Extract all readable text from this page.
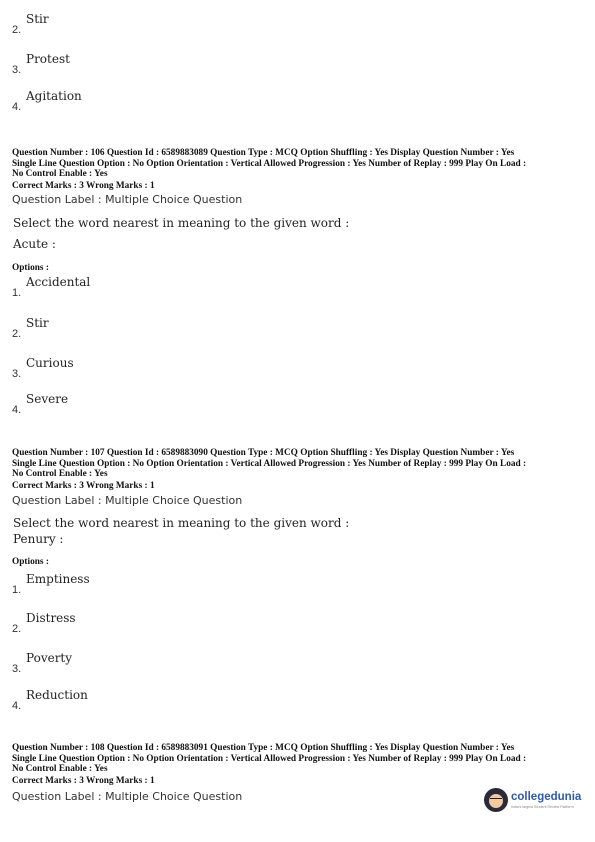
2.
Stir
3.
Protest
4.
Agitation
Question Number : 106 Question Id : 6589883089 Question Type : MCQ Option Shuffling : Yes Display Question Number : Yes
Single Line Question Option : No Option Orientation : Vertical Allowed Progression : Yes Number of Replay : 999 Play On Load :
No Control Enable : Yes
Correct Marks : 3 Wrong Marks : 1
Question Label : Multiple Choice Question
Select the word nearest in meaning to the given word :
Acute :
Options :
1.
Accidental
2.
Stir
3.
Curious
4.
Severe
Question Number : 107 Question Id : 6589883090 Question Type : MCQ Option Shuffling : Yes Display Question Number : Yes
Single Line Question Option : No Option Orientation : Vertical Allowed Progression : Yes Number of Replay : 999 Play On Load :
No Control Enable : Yes
Correct Marks : 3 Wrong Marks : 1
Question Label : Multiple Choice Question
Select the word nearest in meaning to the given word :
Penury :
Options :
1.
Emptiness
2.
Distress
3.
Poverty
4.
Reduction
Question Number : 108 Question Id : 6589883091 Question Type : MCQ Option Shuffling : Yes Display Question Number : Yes
Single Line Question Option : No Option Orientation : Vertical Allowed Progression : Yes Number of Replay : 999 Play On Load :
No Control Enable : Yes
Correct Marks : 3 Wrong Marks : 1
Question Label : Multiple Choice Question	collegedunia
India's largest Student Review Platform
